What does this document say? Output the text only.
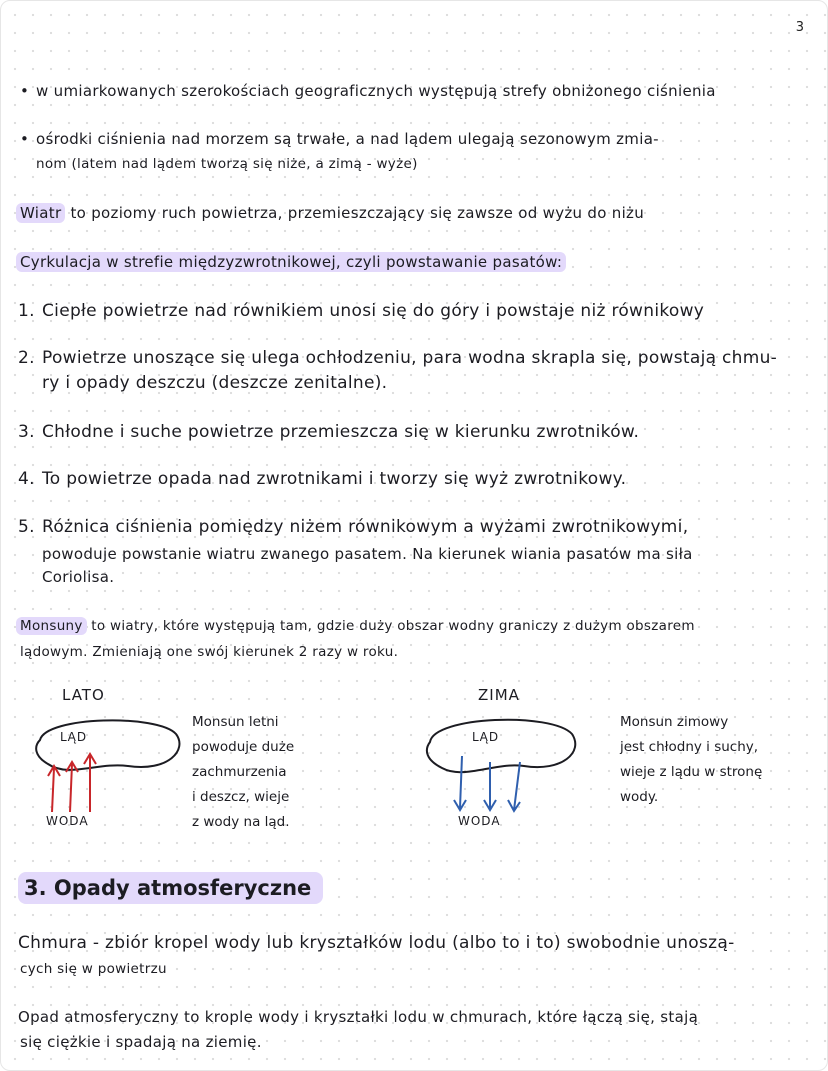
3
• w umiarkowanych szerokościach geograficznych występują strefy obniżonego ciśnienia
• ośrodki ciśnienia nad morzem są trwałe, a nad lądem ulegają sezonowym zmia-
nom (latem nad lądem tworzą się niże, a zimą - wyże)
Wiatr to poziomy ruch powietrza, przemieszczający się zawsze od wyżu do niżu
Cyrkulacja w strefie międzyzwrotnikowej, czyli powstawanie pasatów:
1. Ciepłe powietrze nad równikiem unosi się do góry i powstaje niż równikowy
2. Powietrze unoszące się ulega ochłodzeniu, para wodna skrapla się, powstają chmu-
ry i opady deszczu (deszcze zenitalne).
3. Chłodne i suche powietrze przemieszcza się w kierunku zwrotników.
4. To powietrze opada nad zwrotnikami i tworzy się wyż zwrotnikowy.
5. Różnica ciśnienia pomiędzy niżem równikowym a wyżami zwrotnikowymi,
powoduje powstanie wiatru zwanego pasatem. Na kierunek wiania pasatów ma siła
Coriolisa.
Monsuny to wiatry, które występują tam, gdzie duży obszar wodny graniczy z dużym obszarem
lądowym. Zmieniają one swój kierunek 2 razy w roku.
LATO
LĄD
WODA
Monsun letni
powoduje duże
zachmurzenia
i deszcz, wieje
z wody na ląd.
ZIMA
LĄD
WODA
Monsun zimowy
jest chłodny i suchy,
wieje z lądu w stronę
wody.
3. Opady atmosferyczne
Chmura - zbiór kropel wody lub kryształków lodu (albo to i to) swobodnie unoszą-
cych się w powietrzu
Opad atmosferyczny to krople wody i kryształki lodu w chmurach, które łączą się, stają
się ciężkie i spadają na ziemię.
